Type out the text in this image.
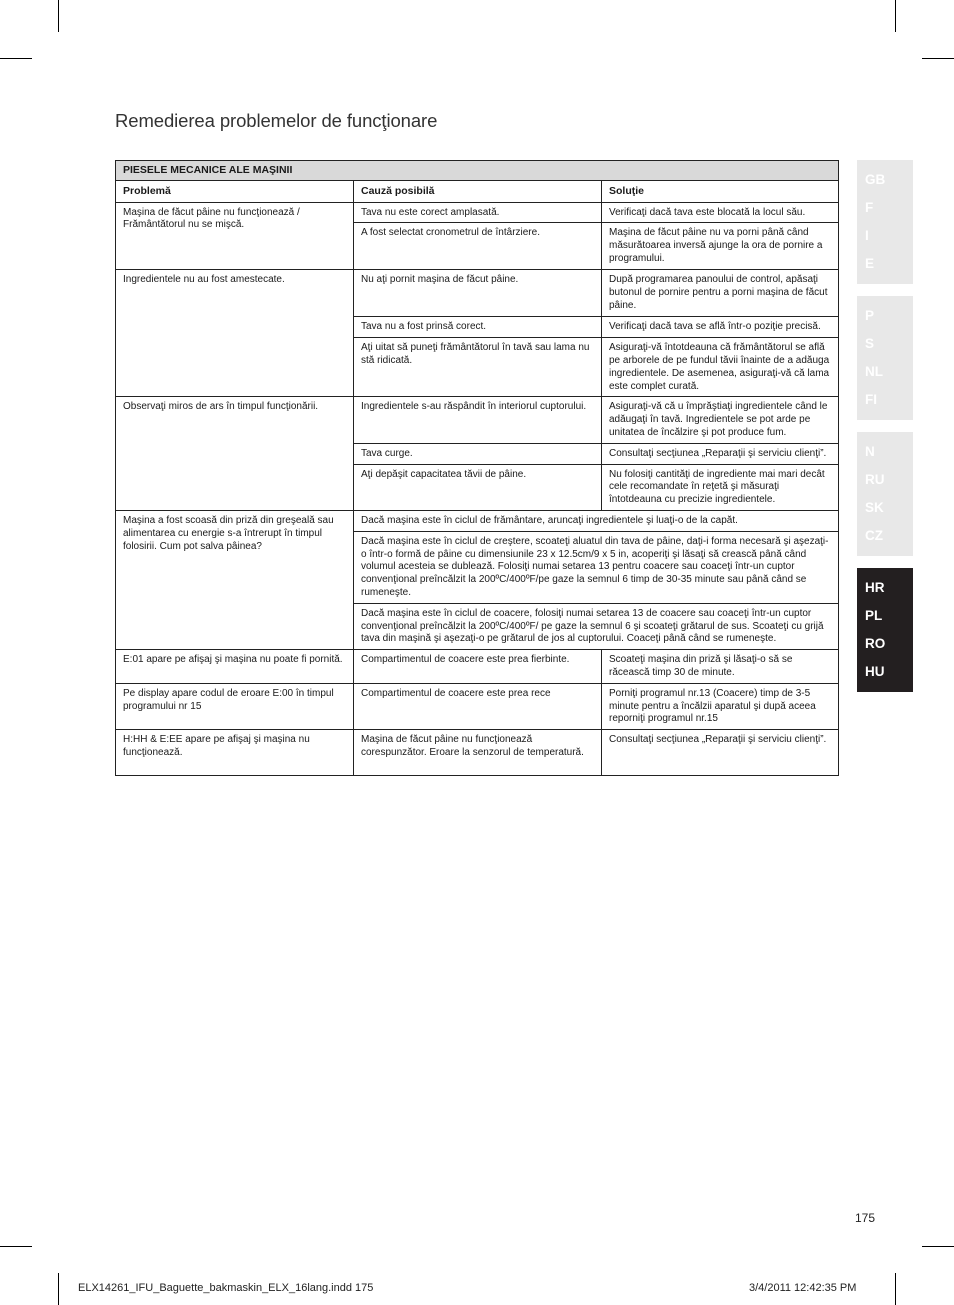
Remedierea problemelor de funcţionare
PIESELE MECANICE ALE MAŞINII		
Problemă	Cauză posibilă	Soluţie
Maşina de făcut pâine nu funcţionează / Frământătorul nu se mişcă.	Tava nu este corect amplasată.	Verificaţi dacă tava este blocată la locul său.
	A fost selectat cronometrul de întârziere.	Maşina de făcut pâine nu va porni până când măsurătoarea inversă ajunge la ora de pornire a programului.
Ingredientele nu au fost amestecate.	Nu aţi pornit maşina de făcut pâine.	După programarea panoului de control, apăsaţi butonul de pornire pentru a porni maşina de făcut pâine.
	Tava nu a fost prinsă corect.	Verificaţi dacă tava se află într-o poziţie precisă.
	Aţi uitat să puneţi frământătorul în tavă sau lama nu stă ridicată.	Asiguraţi-vă întotdeauna că frământătorul se află pe arborele de pe fundul tăvii înainte de a adăuga ingredientele. De asemenea, asiguraţi-vă că lama este complet curată.
Observaţi miros de ars în timpul funcţionării.	Ingredientele s-au răspândit în interiorul cuptorului.	Asiguraţi-vă că u împrăştiaţi ingredientele când le adăugaţi în tavă. Ingredientele se pot arde pe unitatea de încălzire şi pot produce fum.
	Tava curge.	Consultaţi secţiunea „Reparaţii şi serviciu clienţi”.
	Aţi depăşit capacitatea tăvii de pâine.	Nu folosiţi cantităţi de ingrediente mai mari decât cele recomandate în reţetă şi măsuraţi întotdeauna cu precizie ingredientele.
Maşina a fost scoasă din priză din greşeală sau alimentarea cu energie s-a întrerupt în timpul folosirii. Cum pot salva pâinea?	Dacă maşina este în ciclul de frământare, aruncaţi ingredientele şi luaţi-o de la capăt.	
	Dacă maşina este în ciclul de creştere, scoateţi aluatul din tava de pâine, daţi-i forma necesară şi aşezaţi-o într-o formă de pâine cu dimensiunile 23 x 12.5cm/9 x 5 in, acoperiţi şi lăsaţi să crească până când volumul acesteia se dublează. Folosiţi numai setarea 13 pentru coacere sau coaceţi într-un cuptor convenţional preîncălzit la 200ºC/400ºF/pe gaze la semnul 6 timp de 30-35 minute sau până când se rumeneşte.	
	Dacă maşina este în ciclul de coacere, folosiţi numai setarea 13 de coacere sau coaceţi într-un cuptor convenţional preîncălzit la 200ºC/400ºF/ pe gaze la semnul 6 şi scoateţi grătarul de sus. Scoateţi cu grijă tava din maşină şi aşezaţi-o pe grătarul de jos al cuptorului. Coaceţi până când se rumeneşte.	
E:01 apare pe afişaj şi maşina nu poate fi pornită.	Compartimentul de coacere este prea fierbinte.	Scoateţi maşina din priză şi lăsaţi-o să se răcească timp 30 de minute.
Pe display apare codul de eroare E:00 în timpul programului nr 15	Compartimentul de coacere este prea rece	Porniţi programul nr.13 (Coacere) timp de 3-5 minute pentru a încălzii aparatul şi după aceea reporniţi programul nr.15
H:HH & E:EE apare pe afişaj şi maşina nu funcţionează.	Maşina de făcut pâine nu funcţionează corespunzător. Eroare la senzorul de temperatură.	Consultaţi secţiunea „Reparaţii şi serviciu clienţi”.
GB
F
I
E
P
S
NL
FI
N
RU
SK
CZ
HR
PL
RO
HU
175
ELX14261_IFU_Baguette_bakmaskin_ELX_16lang.indd 175	3/4/2011 12:42:35 PM
